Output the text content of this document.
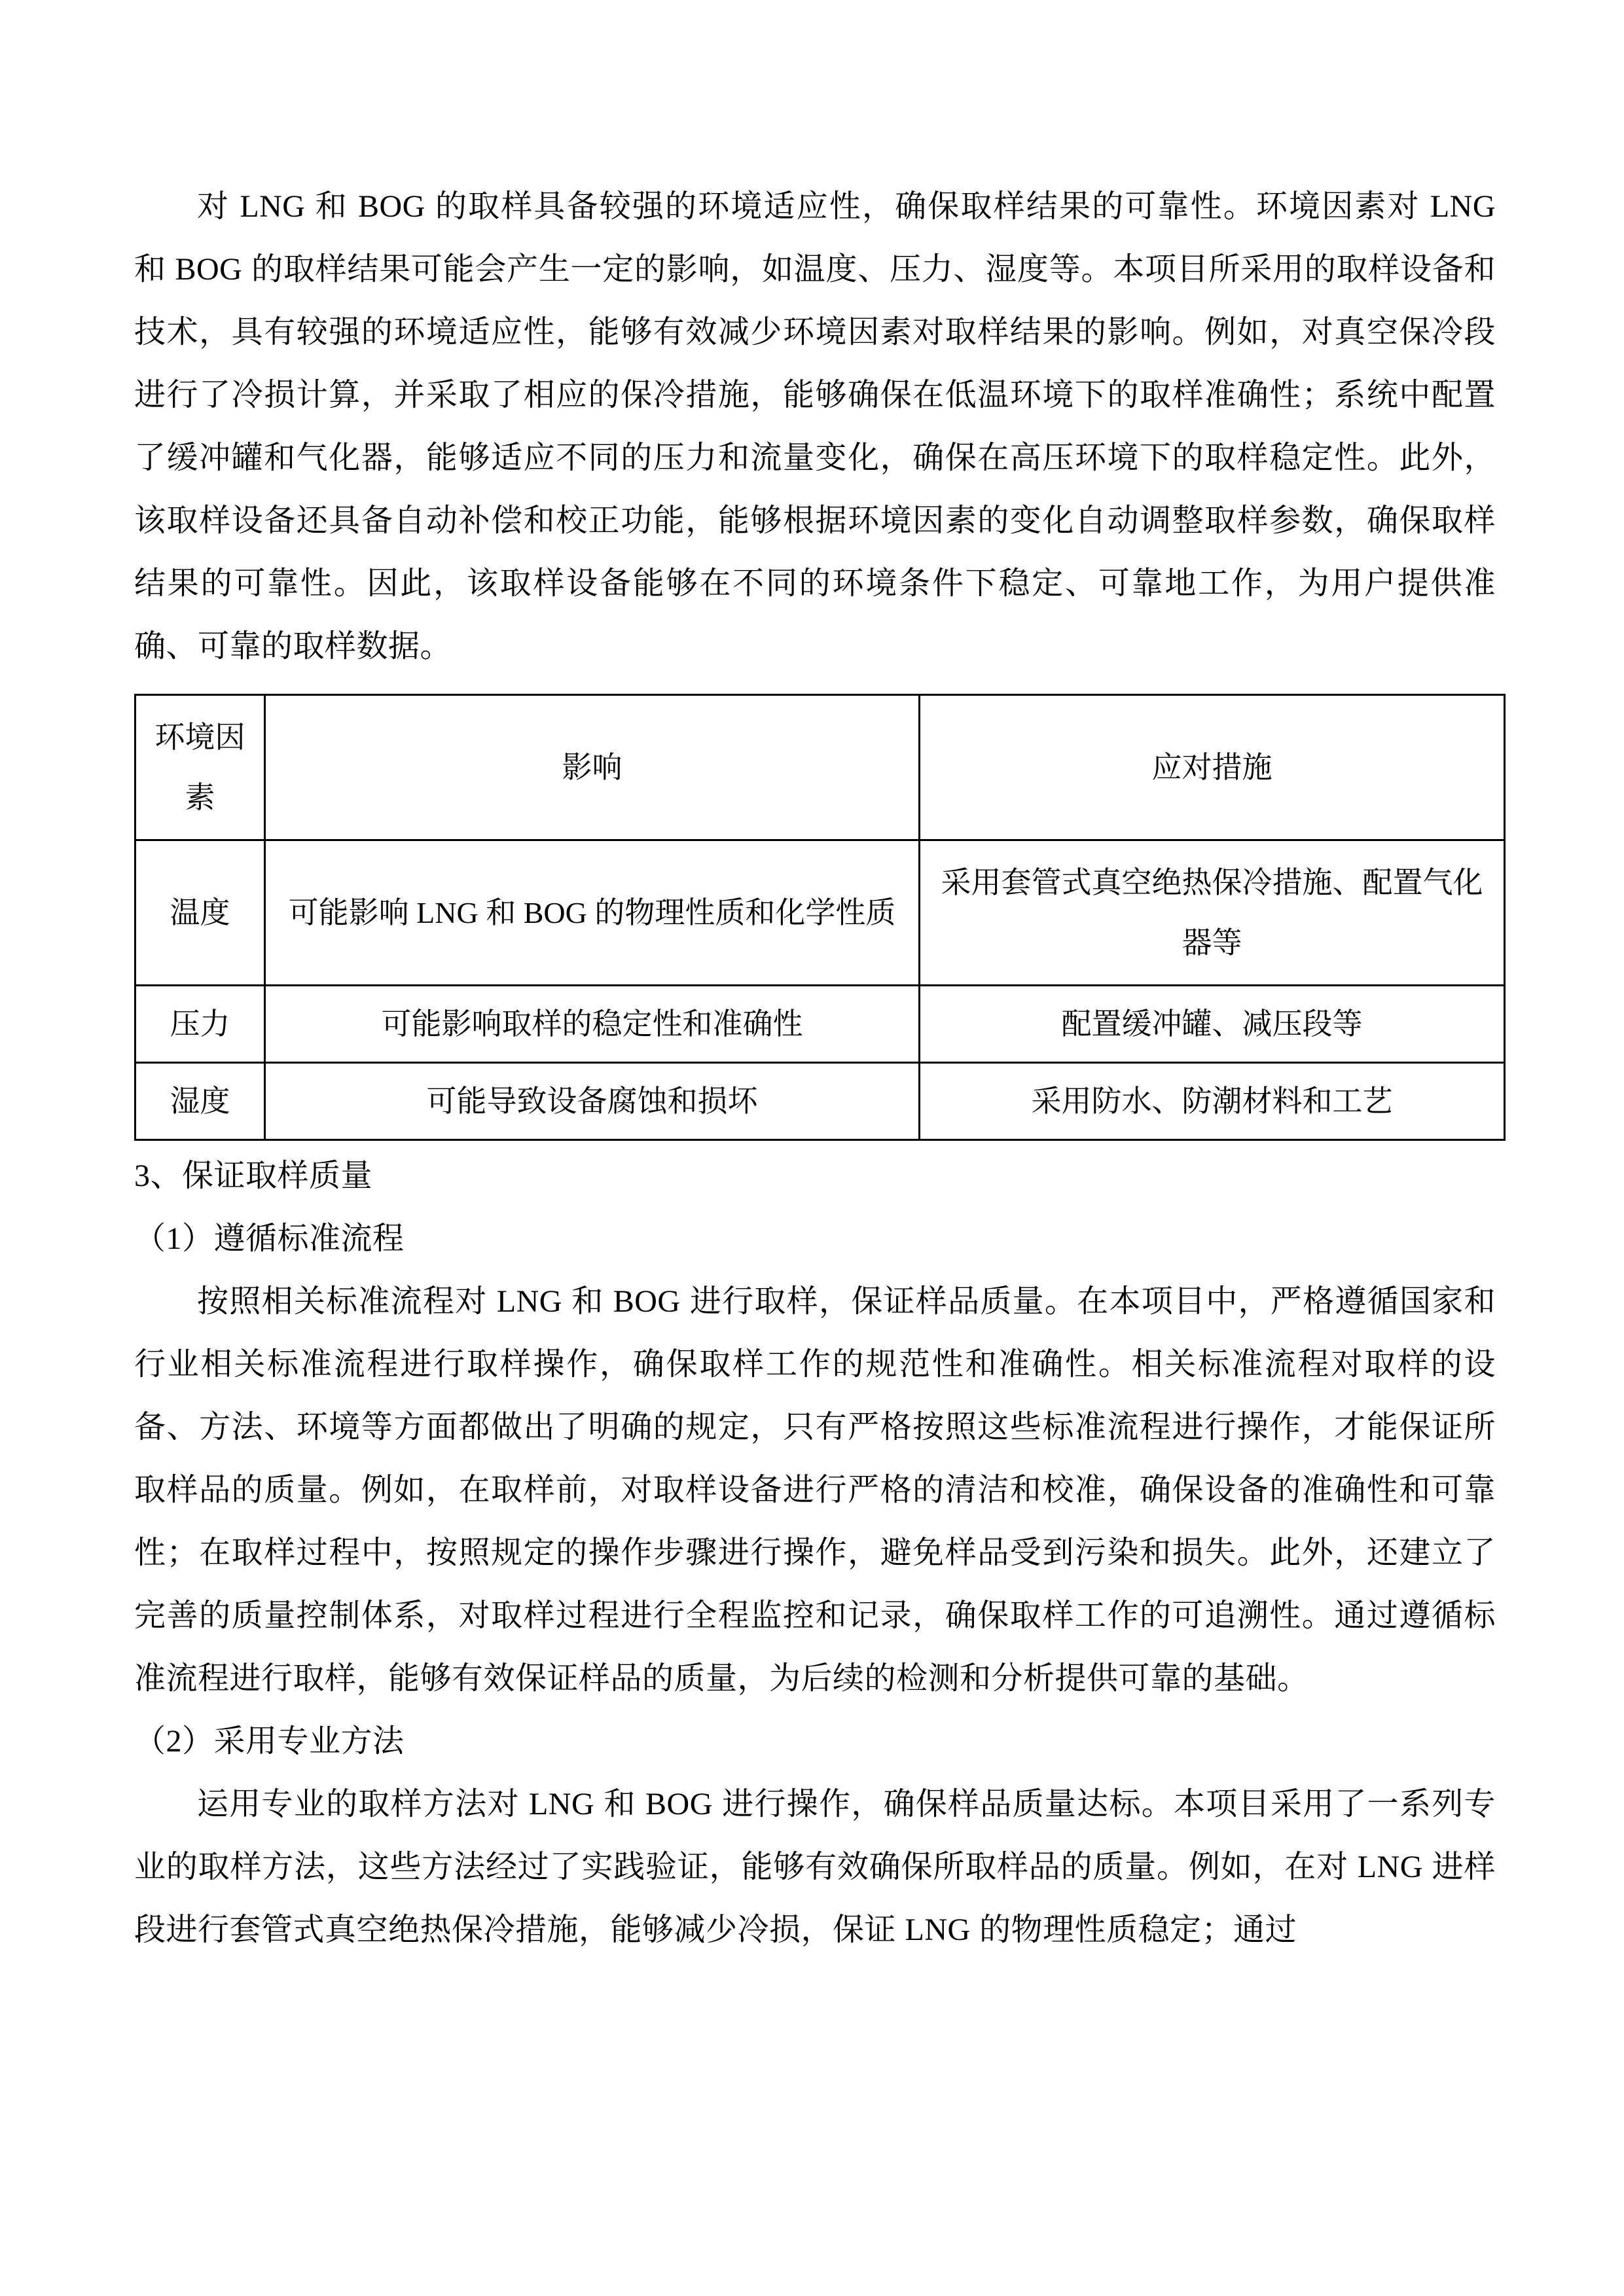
对 LNG 和 BOG 的取样具备较强的环境适应性，确保取样结果的可靠性。环境因素对 LNG 和 BOG 的取样结果可能会产生一定的影响，如温度、压力、湿度等。本项目所采用的取样设备和技术，具有较强的环境适应性，能够有效减少环境因素对取样结果的影响。例如，对真空保冷段进行了冷损计算，并采取了相应的保冷措施，能够确保在低温环境下的取样准确性；系统中配置了缓冲罐和气化器，能够适应不同的压力和流量变化，确保在高压环境下的取样稳定性。此外，该取样设备还具备自动补偿和校正功能，能够根据环境因素的变化自动调整取样参数，确保取样结果的可靠性。因此，该取样设备能够在不同的环境条件下稳定、可靠地工作，为用户提供准确、可靠的取样数据。

环境因素	影响	应对措施
温度	可能影响 LNG 和 BOG 的物理性质和化学性质	采用套管式真空绝热保冷措施、配置气化器等
压力	可能影响取样的稳定性和准确性	配置缓冲罐、减压段等
湿度	可能导致设备腐蚀和损坏	采用防水、防潮材料和工艺

3、保证取样质量

（1）遵循标准流程

按照相关标准流程对 LNG 和 BOG 进行取样，保证样品质量。在本项目中，严格遵循国家和行业相关标准流程进行取样操作，确保取样工作的规范性和准确性。相关标准流程对取样的设备、方法、环境等方面都做出了明确的规定，只有严格按照这些标准流程进行操作，才能保证所取样品的质量。例如，在取样前，对取样设备进行严格的清洁和校准，确保设备的准确性和可靠性；在取样过程中，按照规定的操作步骤进行操作，避免样品受到污染和损失。此外，还建立了完善的质量控制体系，对取样过程进行全程监控和记录，确保取样工作的可追溯性。通过遵循标准流程进行取样，能够有效保证样品的质量，为后续的检测和分析提供可靠的基础。

（2）采用专业方法

运用专业的取样方法对 LNG 和 BOG 进行操作，确保样品质量达标。本项目采用了一系列专业的取样方法，这些方法经过了实践验证，能够有效确保所取样品的质量。例如，在对 LNG 进样段进行套管式真空绝热保冷措施，能够减少冷损，保证 LNG 的物理性质稳定；通过
